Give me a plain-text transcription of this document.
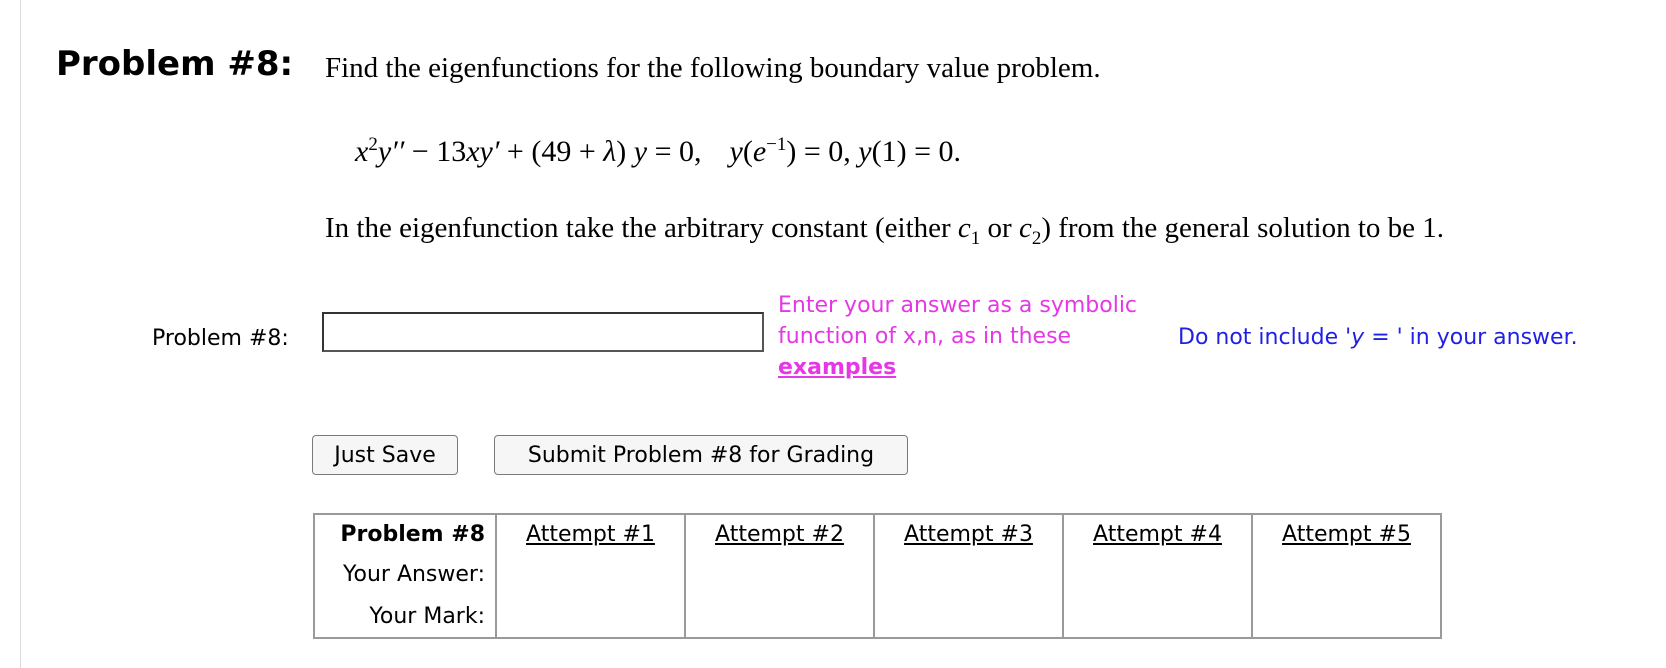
Problem #8: Find the eigenfunctions for the following boundary value problem.
$x^2y'' - 13xy' + (49 + \lambda) y = 0$, $y(e^{-1}) = 0$, y(1) = 0.
In the eigenfunction take the arbitrary constant (either $c_1$ or $c_2$) from the general solution to be 1.
Problem #8:
Enter your answer as a symbolic function of x,n, as in these examples
Do not include 'y = ' in your answer.
Just Save	Submit Problem #8 for Grading
Problem #8	Attempt #1	Attempt #2	Attempt #3	Attempt #4	Attempt #5
Your Answer:					
Your Mark:					
